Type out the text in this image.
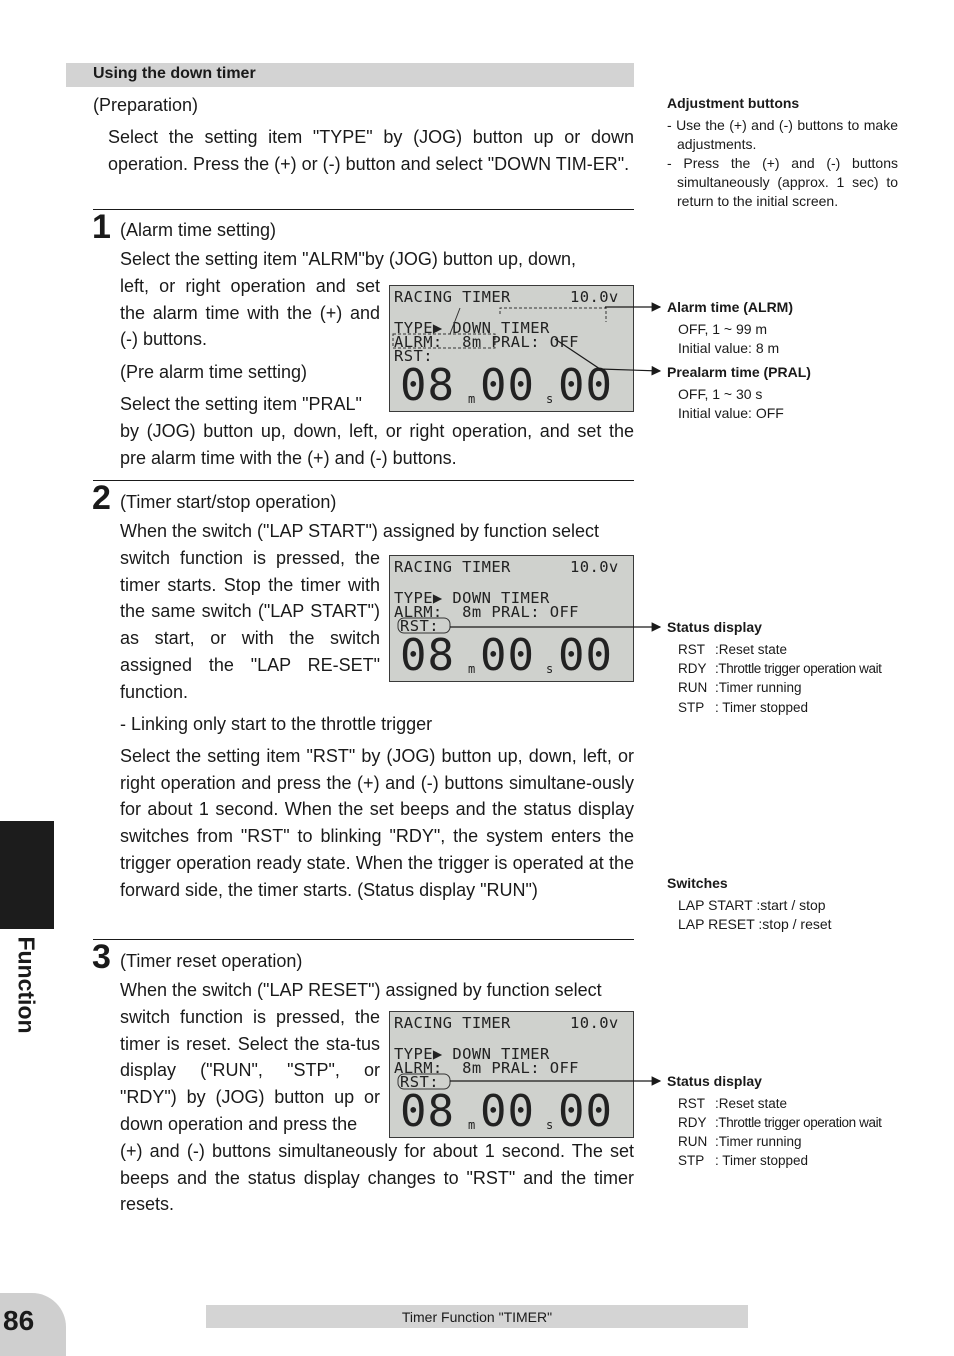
Using the down timer
(Preparation)
Select the setting item "TYPE" by (JOG) button up or down operation. Press the (+) or (-) button and select "DOWN TIM-ER".
1 (Alarm time setting)
Select the setting item "ALRM"by (JOG) button up, down,
left, or right operation and set the alarm time with the (+) and (-) buttons.
(Pre alarm time setting)
Select the setting item "PRAL"
by (JOG) button up, down, left, or right operation, and set the pre alarm time with the (+) and (-) buttons.
RACING TIMER	10.0v
TYPE▶ DOWN TIMER
ALRM:  8m PRAL: OFF
RST:
08 m 00 s 00
2 (Timer start/stop operation)
When the switch ("LAP START") assigned by function select
switch function is pressed, the timer starts. Stop the timer with the same switch ("LAP START") as start, or with the switch assigned the "LAP RE-SET" function.
- Linking only start to the throttle trigger
Select the setting item "RST" by (JOG) button up, down, left, or right operation and press the (+) and (-) buttons simultane-ously for about 1 second. When the set beeps and the status display switches from "RST" to blinking "RDY", the system enters the trigger operation ready state. When the trigger is operated at the forward side, the timer starts. (Status display "RUN")
RACING TIMER	10.0v
TYPE▶ DOWN TIMER
ALRM:  8m PRAL: OFF
RST:
08 m 00 s 00
3 (Timer reset operation)
When the switch ("LAP RESET") assigned by function select
switch function is pressed, the timer is reset. Select the sta-tus display ("RUN", "STP", or "RDY") by (JOG) button up or down operation and press the
(+) and (-) buttons simultaneously for about 1 second. The set beeps and the status display changes to "RST" and the timer resets.
RACING TIMER	10.0v
TYPE▶ DOWN TIMER
ALRM:  8m PRAL: OFF
RST:
08 m 00 s 00
Adjustment buttons
- Use the (+) and (-) buttons to make adjustments.
- Press the (+) and (-) buttons simultaneously (approx. 1 sec) to return to the initial screen.
Alarm time (ALRM)
OFF, 1 ~ 99 m
Initial value: 8 m
Prealarm time (PRAL)
OFF, 1 ~ 30 s
Initial value: OFF
Status display
RST :Reset state
RDY :Throttle trigger operation wait
RUN :Timer running
STP : Timer stopped
Switches
LAP START :start / stop
LAP RESET :stop / reset
Status display
RST :Reset state
RDY :Throttle trigger operation wait
RUN :Timer running
STP : Timer stopped
Function
86	Timer Function "TIMER"
